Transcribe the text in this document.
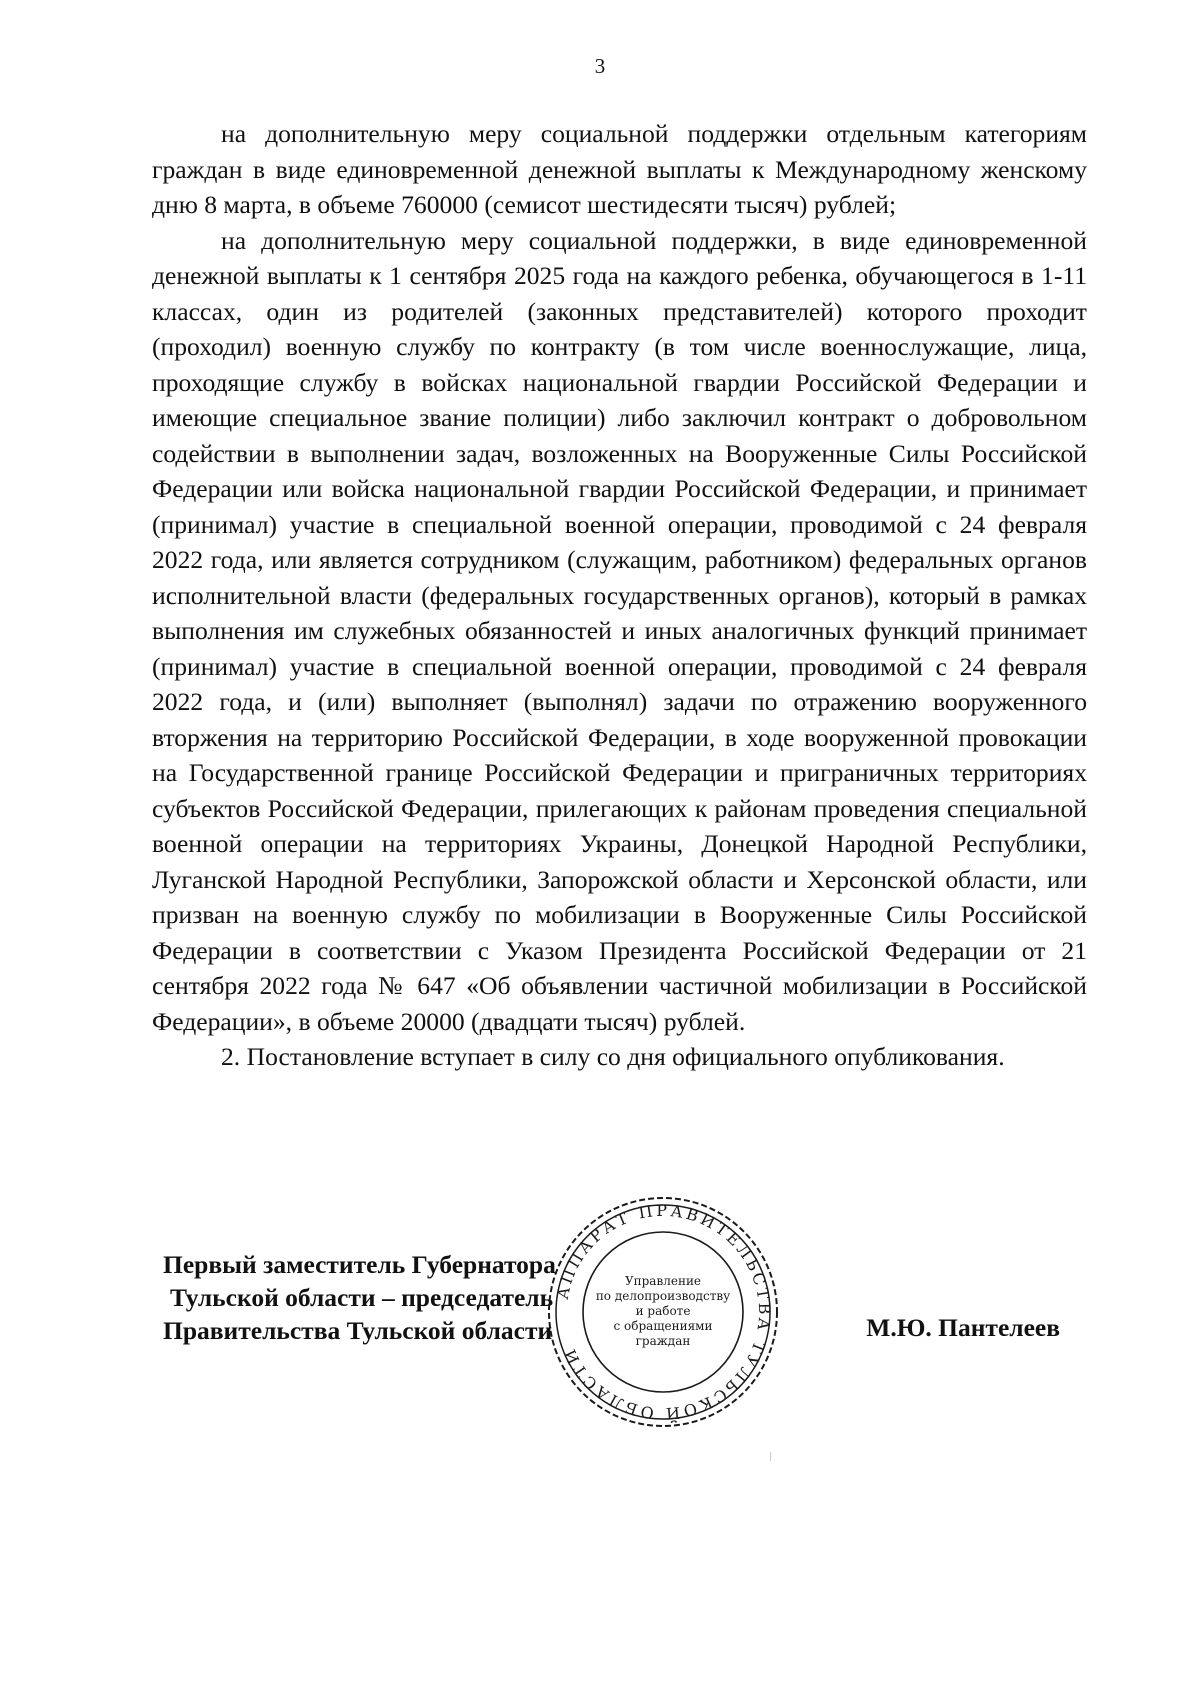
3

на дополнительную меру социальной поддержки отдельным категориям граждан в виде единовременной денежной выплаты к Международному женскому дню 8 марта, в объеме 760000 (семисот шестидесяти тысяч) рублей;

на дополнительную меру социальной поддержки, в виде единовременной денежной выплаты к 1 сентября 2025 года на каждого ребенка, обучающегося в 1-11 классах, один из родителей (законных представителей) которого проходит (проходил) военную службу по контракту (в том числе военнослужащие, лица, проходящие службу в войсках национальной гвардии Российской Федерации и имеющие специальное звание полиции) либо заключил контракт о добровольном содействии в выполнении задач, возложенных на Вооруженные Силы Российской Федерации или войска национальной гвардии Российской Федерации, и принимает (принимал) участие в специальной военной операции, проводимой с 24 февраля 2022 года, или является сотрудником (служащим, работником) федеральных органов исполнительной власти (федеральных государственных органов), который в рамках выполнения им служебных обязанностей и иных аналогичных функций принимает (принимал) участие в специальной военной операции, проводимой с 24 февраля 2022 года, и (или) выполняет (выполнял) задачи по отражению вооруженного вторжения на территорию Российской Федерации, в ходе вооруженной провокации на Государственной границе Российской Федерации и приграничных территориях субъектов Российской Федерации, прилегающих к районам проведения специальной военной операции на территориях Украины, Донецкой Народной Республики, Луганской Народной Республики, Запорожской области и Херсонской области, или призван на военную службу по мобилизации в Вооруженные Силы Российской Федерации в соответствии с Указом Президента Российской Федерации от 21 сентября 2022 года № 647 «Об объявлении частичной мобилизации в Российской Федерации», в объеме 20000 (двадцати тысяч) рублей.

2. Постановление вступает в силу со дня официального опубликования.

Первый заместитель Губернатора
Тульской области – председатель
Правительства Тульской области
АППАРАТ ПРАВИТЕЛЬСТВА ТУЛЬСКОЙ ОБЛАСТИ
Управление
по делопроизводству
и работе
с обращениями
граждан	М.Ю. Пантелеев
